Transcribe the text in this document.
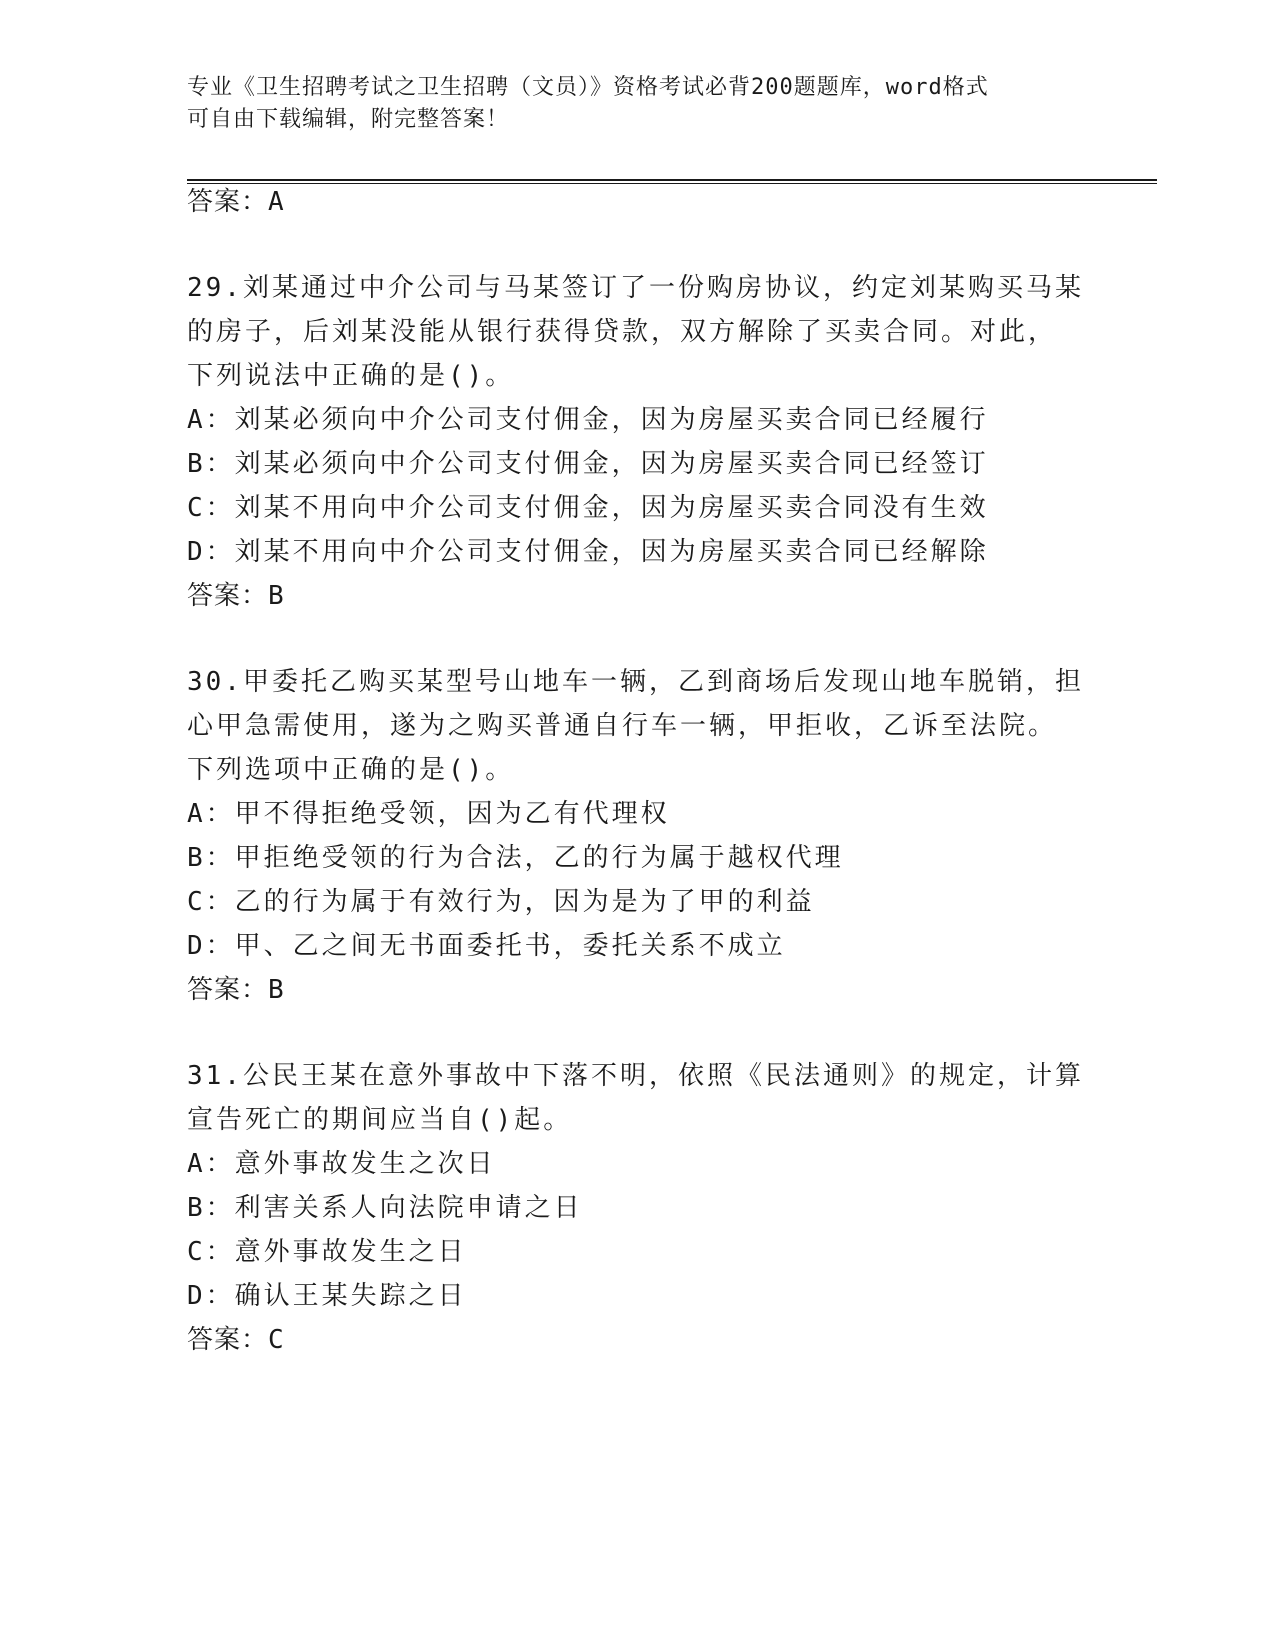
专业《卫生招聘考试之卫生招聘（文员）》资格考试必背200题题库，word格式
可自由下载编辑，附完整答案！
答案：A
29.刘某通过中介公司与马某签订了一份购房协议，约定刘某购买马某
的房子，后刘某没能从银行获得贷款，双方解除了买卖合同。对此，
下列说法中正确的是()。
A：刘某必须向中介公司支付佣金，因为房屋买卖合同已经履行
B：刘某必须向中介公司支付佣金，因为房屋买卖合同已经签订
C：刘某不用向中介公司支付佣金，因为房屋买卖合同没有生效
D：刘某不用向中介公司支付佣金，因为房屋买卖合同已经解除
答案：B
30.甲委托乙购买某型号山地车一辆，乙到商场后发现山地车脱销，担
心甲急需使用，遂为之购买普通自行车一辆，甲拒收，乙诉至法院。
下列选项中正确的是()。
A：甲不得拒绝受领，因为乙有代理权
B：甲拒绝受领的行为合法，乙的行为属于越权代理
C：乙的行为属于有效行为，因为是为了甲的利益
D：甲、乙之间无书面委托书，委托关系不成立
答案：B
31.公民王某在意外事故中下落不明，依照《民法通则》的规定，计算
宣告死亡的期间应当自()起。
A：意外事故发生之次日
B：利害关系人向法院申请之日
C：意外事故发生之日
D：确认王某失踪之日
答案：C
